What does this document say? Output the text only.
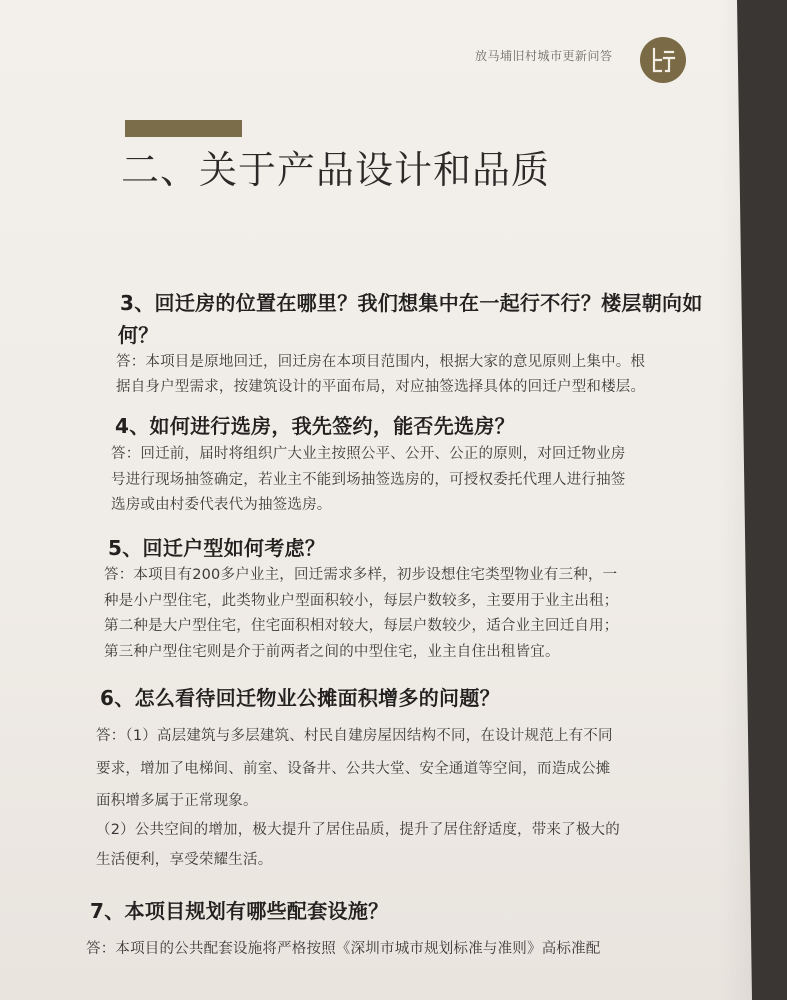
放马埔旧村城市更新问答
二、关于产品设计和品质

3、回迁房的位置在哪里？我们想集中在一起行不行？楼层朝向如

何？

答：本项目是原地回迁，回迁房在本项目范围内，根据大家的意见原则上集中。根

据自身户型需求，按建筑设计的平面布局，对应抽签选择具体的回迁户型和楼层。

4、如何进行选房，我先签约，能否先选房？

答：回迁前，届时将组织广大业主按照公平、公开、公正的原则，对回迁物业房

号进行现场抽签确定，若业主不能到场抽签选房的，可授权委托代理人进行抽签

选房或由村委代表代为抽签选房。

5、回迁户型如何考虑？

答：本项目有200多户业主，回迁需求多样，初步设想住宅类型物业有三种，一

种是小户型住宅，此类物业户型面积较小，每层户数较多，主要用于业主出租；

第二种是大户型住宅，住宅面积相对较大，每层户数较少，适合业主回迁自用；

第三种户型住宅则是介于前两者之间的中型住宅，业主自住出租皆宜。

6、怎么看待回迁物业公摊面积增多的问题？

答：（1）高层建筑与多层建筑、村民自建房屋因结构不同，在设计规范上有不同

要求，增加了电梯间、前室、设备井、公共大堂、安全通道等空间，而造成公摊

面积增多属于正常现象。

（2）公共空间的增加，极大提升了居住品质，提升了居住舒适度，带来了极大的

生活便利，享受荣耀生活。

7、本项目规划有哪些配套设施？

答：本项目的公共配套设施将严格按照《深圳市城市规划标准与准则》高标准配
